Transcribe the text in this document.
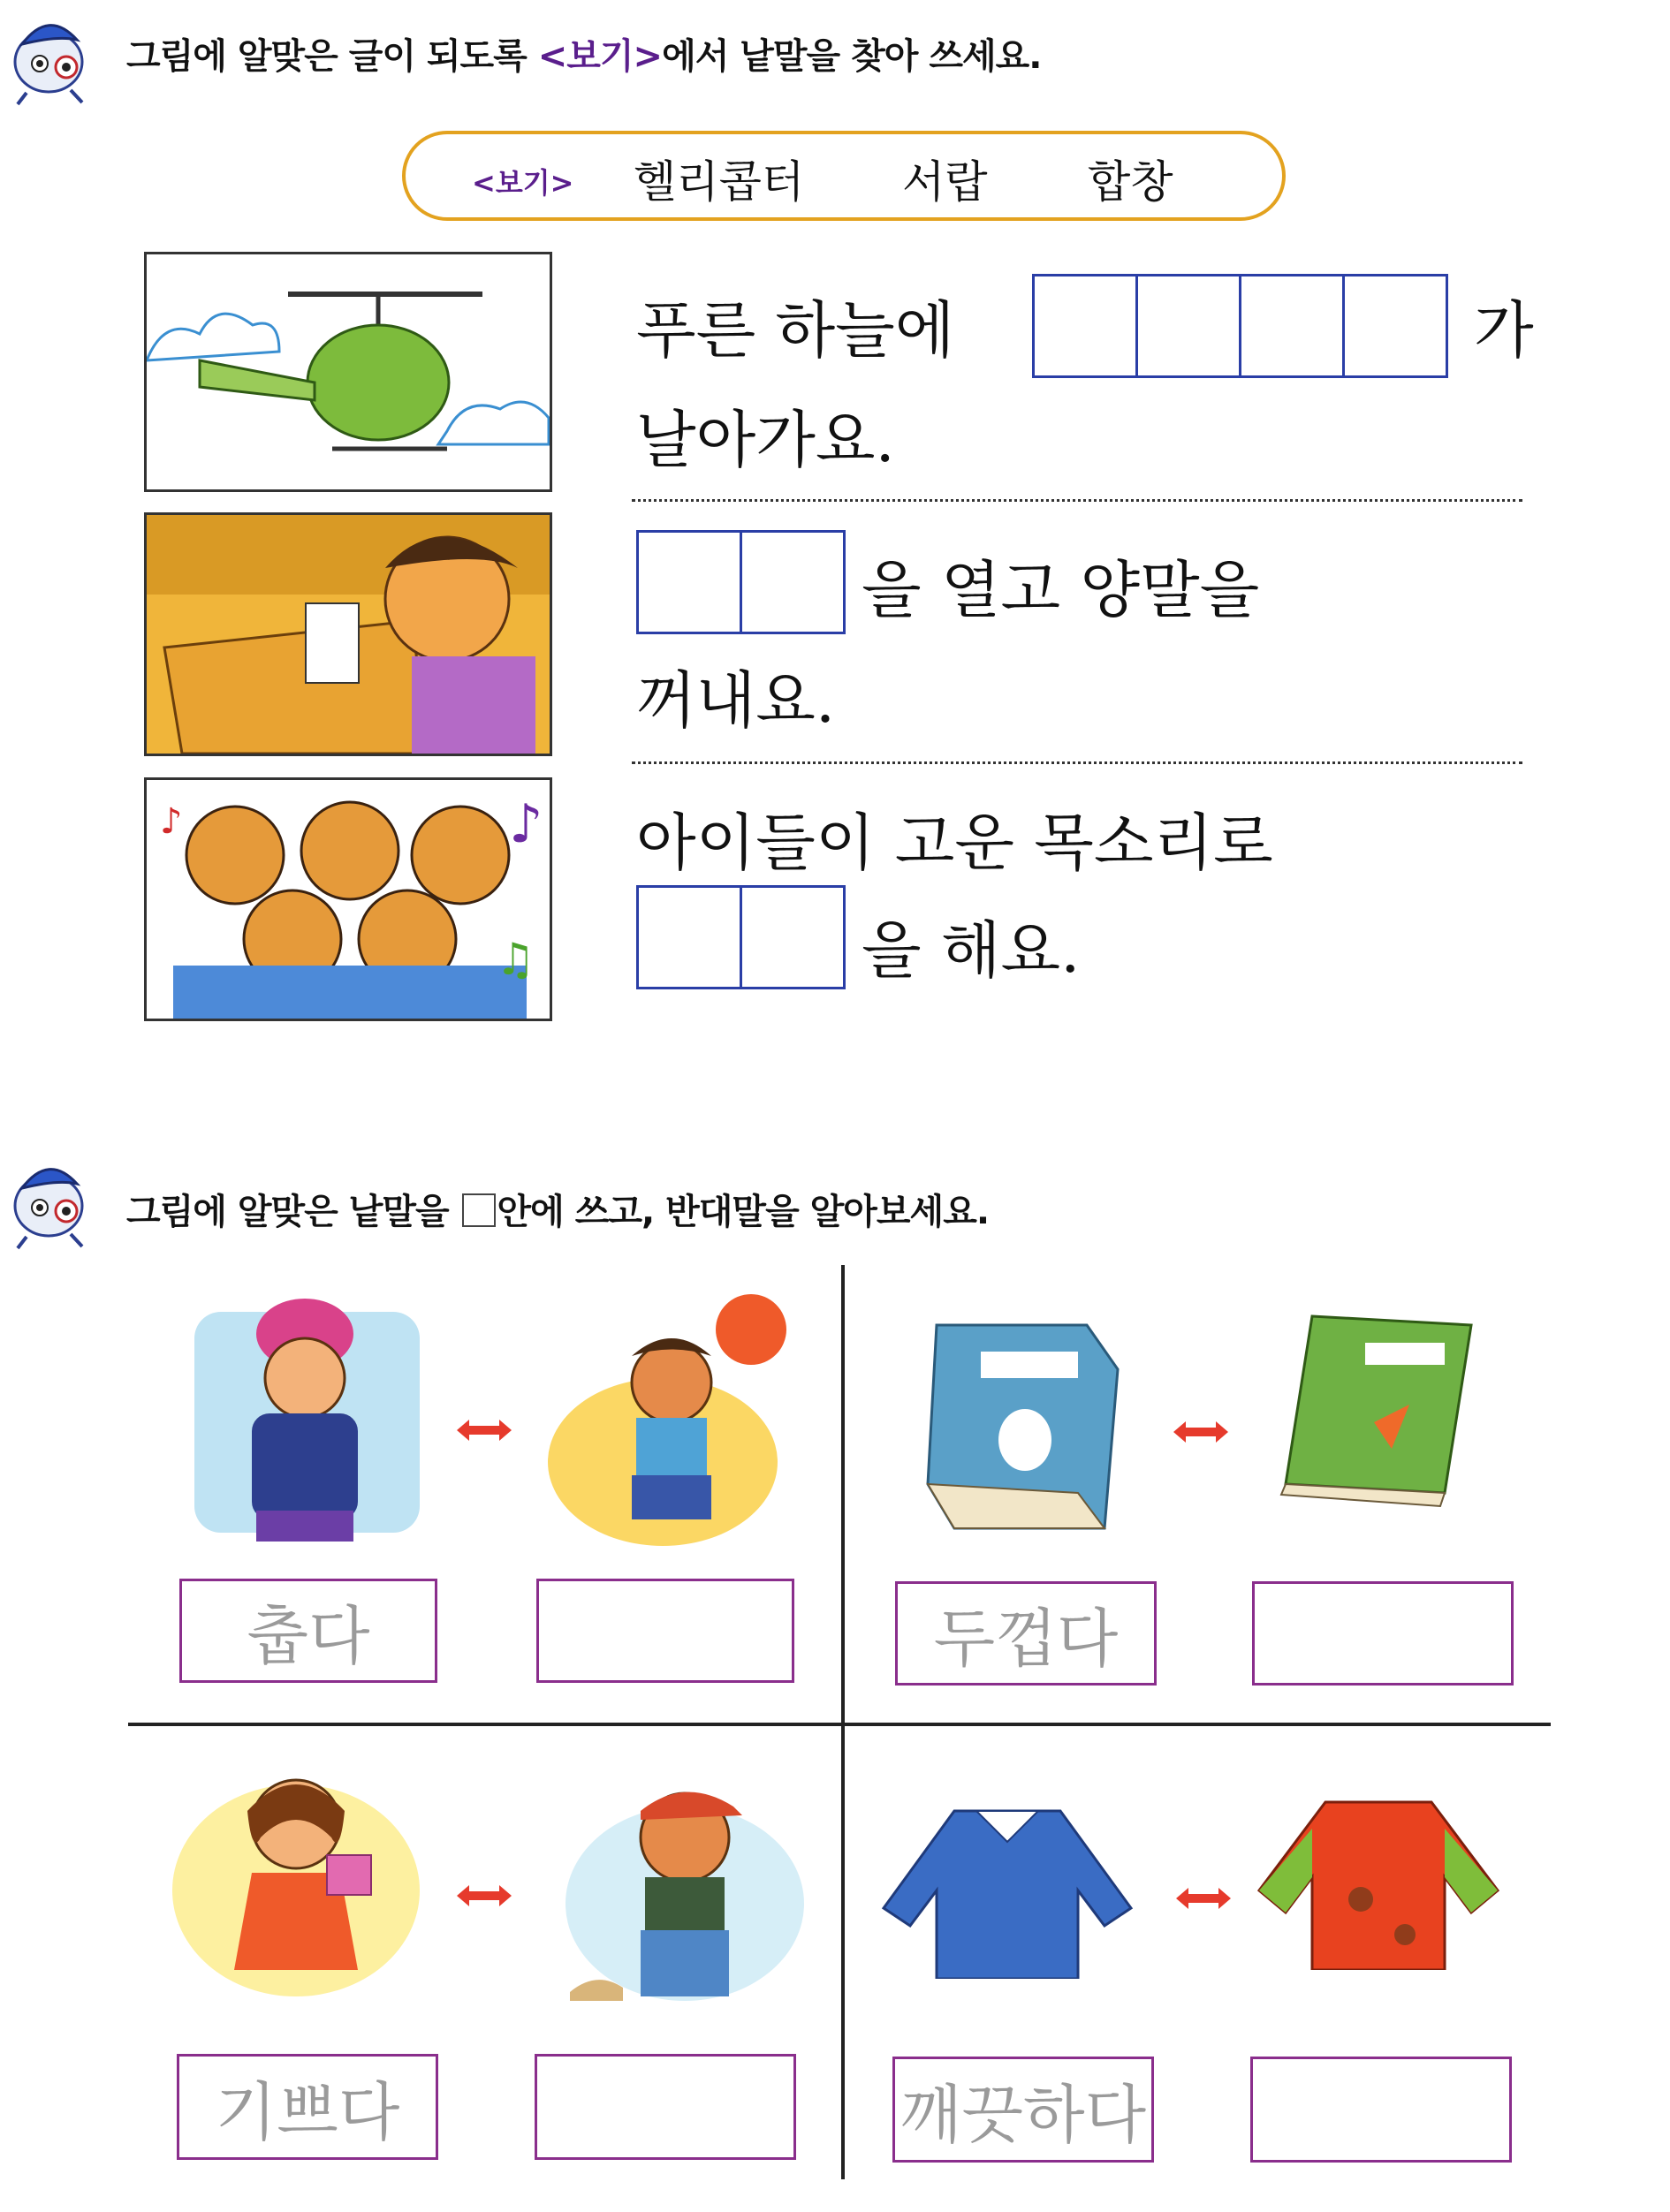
그림에 알맞은 글이 되도록 <보기>에서 낱말을 찾아 쓰세요.
<보기> 헬리콥터 서랍 합창
푸른 하늘에	가
날아가요.
을 열고 양말을
꺼내요.
♪	♪
♫
아이들이 고운 목소리로
을 해요.
그림에 알맞은 낱말을 안에 쓰고, 반대말을 알아보세요.
춥다	두껍다
기쁘다	깨끗하다
